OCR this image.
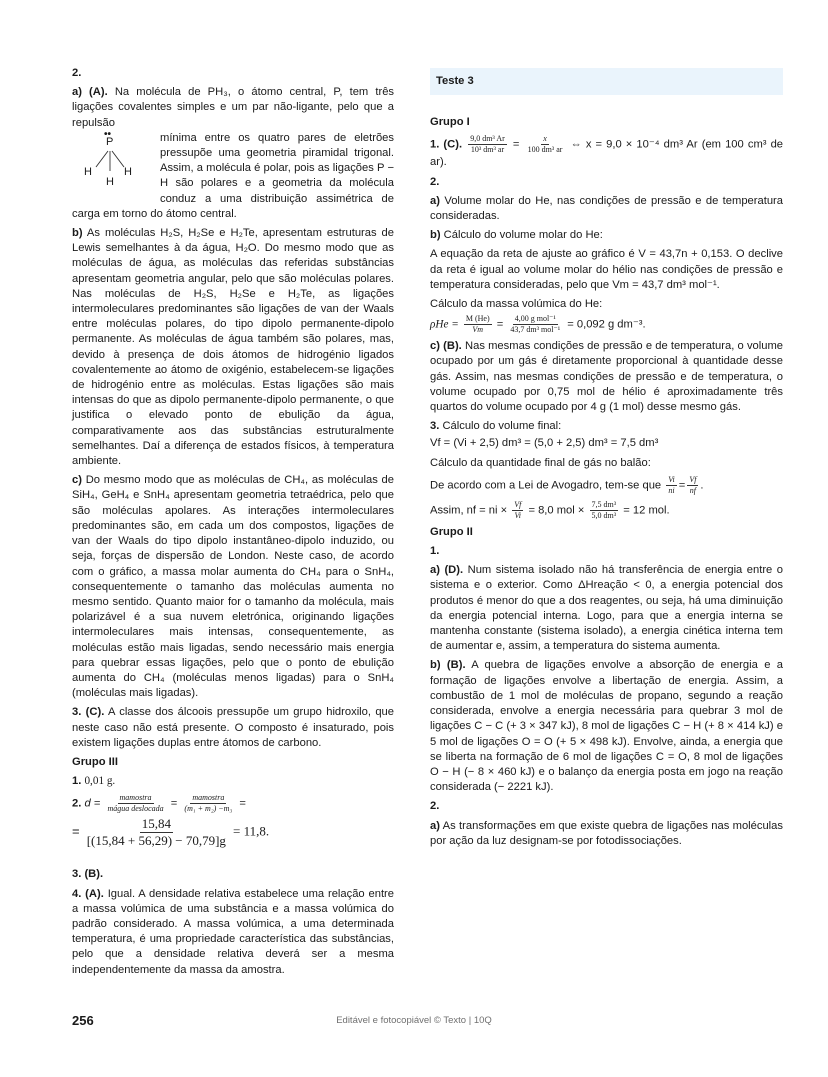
2.

a) (A). Na molécula de PH₃, o átomo central, P, tem três ligações covalentes simples e um par não-ligante, pelo que a repulsão

••
P
H	H
H
mínima entre os quatro pares de eletrões pressupõe uma geometria piramidal trigonal. Assim, a molécula é polar, pois as ligações P − H são polares e a geometria da molécula conduz a uma distribuição assimétrica de carga em torno do átomo central.

b) As moléculas H₂S, H₂Se e H₂Te, apresentam estruturas de Lewis semelhantes à da água, H₂O. Do mesmo modo que as moléculas de água, as moléculas das referidas substâncias apresentam geometria angular, pelo que são moléculas polares. Nas moléculas de H₂S, H₂Se e H₂Te, as ligações intermoleculares predominantes são ligações de van der Waals entre moléculas polares, do tipo dipolo permanente-dipolo permanente. As moléculas de água também são polares, mas, devido à presença de dois átomos de hidrogénio ligados covalentemente ao átomo de oxigénio, estabelecem-se ligações de hidrogénio entre as moléculas. Estas ligações são mais intensas do que as dipolo permanente-dipolo permanente, o que justifica o elevado ponto de ebulição da água, comparativamente aos das substâncias estruturalmente semelhantes. Daí a diferença de estados físicos, à temperatura ambiente.

c) Do mesmo modo que as moléculas de CH₄, as moléculas de SiH₄, GeH₄ e SnH₄ apresentam geometria tetraédrica, pelo que são moléculas apolares. As interações intermoleculares predominantes são, em cada um dos compostos, ligações de van der Waals do tipo dipolo instantâneo-dipolo induzido, ou seja, forças de dispersão de London. Neste caso, de acordo com o gráfico, a massa molar aumenta do CH₄ para o SnH₄, consequentemente o tamanho das moléculas aumenta no mesmo sentido. Quanto maior for o tamanho da molécula, mais polarizável é a sua nuvem eletrónica, originando ligações intermoleculares mais intensas, consequentemente, as moléculas estão mais ligadas, sendo necessário mais energia para quebrar essas ligações, pelo que o ponto de ebulição aumenta do CH₄ (moléculas menos ligadas) para o SnH₄ (moléculas mais ligadas).

3. (C). A classe dos álcoois pressupõe um grupo hidroxilo, que neste caso não está presente. O composto é insaturado, pois existem ligações duplas entre átomos de carbono.

Grupo III

1. 0,01 g.

2. $d = \frac{\text{mamostra}}{\text{mágua deslocada}} = \frac{\text{mamostra}}{\text{(m₁ + m₂) −m₃}}$ =
= $\frac{15,84}{[(15,84 + 56,29) - 70,79]g} = 11,8$.

3. (B).

4. (A). Igual. A densidade relativa estabelece uma relação entre a massa volúmica de uma substância e a massa volúmica do padrão considerado. A massa volúmica, a uma determinada temperatura, é uma propriedade característica das substâncias, pelo que a densidade relativa deverá ser a mesma independentemente da massa da amostra.

Teste 3

Grupo I

1. (C). $\frac{\text{9,0 dm³ Ar}}{\text{10³ dm³ ar}} = \frac{x}{\text{100 dm³ ar}}$ ⇔ x = 9,0 × 10⁻⁴ dm³ Ar (em 100 cm³ de ar).

2.

a) Volume molar do He, nas condições de pressão e de temperatura consideradas.

b) Cálculo do volume molar do He:

A equação da reta de ajuste ao gráfico é V = 43,7n + 0,153. O declive da reta é igual ao volume molar do hélio nas condições de pressão e temperatura consideradas, pelo que Vm = 43,7 dm³ mol⁻¹.

Cálculo da massa volúmica do He:

$\rho He = \frac{M (He)}{Vm} = \frac{\text{4,00 g mol⁻¹}}{\text{43,7 dm³ mol⁻¹}} = 0,092$ g dm⁻³.

c) (B). Nas mesmas condições de pressão e de temperatura, o volume ocupado por um gás é diretamente proporcional à quantidade desse gás. Assim, nas mesmas condições de pressão e de temperatura, o volume ocupado por 0,75 mol de hélio é aproximadamente três quartos do volume ocupado por 4 g (1 mol) desse mesmo gás.

3. Cálculo do volume final:

Vf = (Vi + 2,5) dm³ = (5,0 + 2,5) dm³ = 7,5 dm³

Cálculo da quantidade final de gás no balão:

De acordo com a Lei de Avogadro, tem-se que $\frac{Vi}{ni} = \frac{Vf}{nf}$ .

Assim, nf = ni × $\frac{Vf}{Vi} = 8,0$ mol × $\frac{\text{7,5 dm³}}{\text{5,0 dm³}} = 12$ mol.

Grupo II

1.

a) (D). Num sistema isolado não há transferência de energia entre o sistema e o exterior. Como ΔHreação < 0, a energia potencial dos produtos é menor do que a dos reagentes, ou seja, há uma diminuição da energia potencial interna. Logo, para que a energia interna se mantenha constante (sistema isolado), a energia cinética interna tem de aumentar e, assim, a temperatura do sistema aumenta.

b) (B). A quebra de ligações envolve a absorção de energia e a formação de ligações envolve a libertação de energia. Assim, a combustão de 1 mol de moléculas de propano, segundo a reação considerada, envolve a energia necessária para quebrar 3 mol de ligações C − C (+ 3 × 347 kJ), 8 mol de ligações C − H (+ 8 × 414 kJ) e 5 mol de ligações O = O (+ 5 × 498 kJ). Envolve, ainda, a energia que se liberta na formação de 6 mol de ligações C = O, 8 mol de ligações O − H (− 8 × 460 kJ) e o balanço da energia posta em jogo na reação considerada (− 2221 kJ).

2.

a) As transformações em que existe quebra de ligações nas moléculas por ação da luz designam-se por fotodissociações.

256	Editável e fotocopiável © Texto | 10Q
